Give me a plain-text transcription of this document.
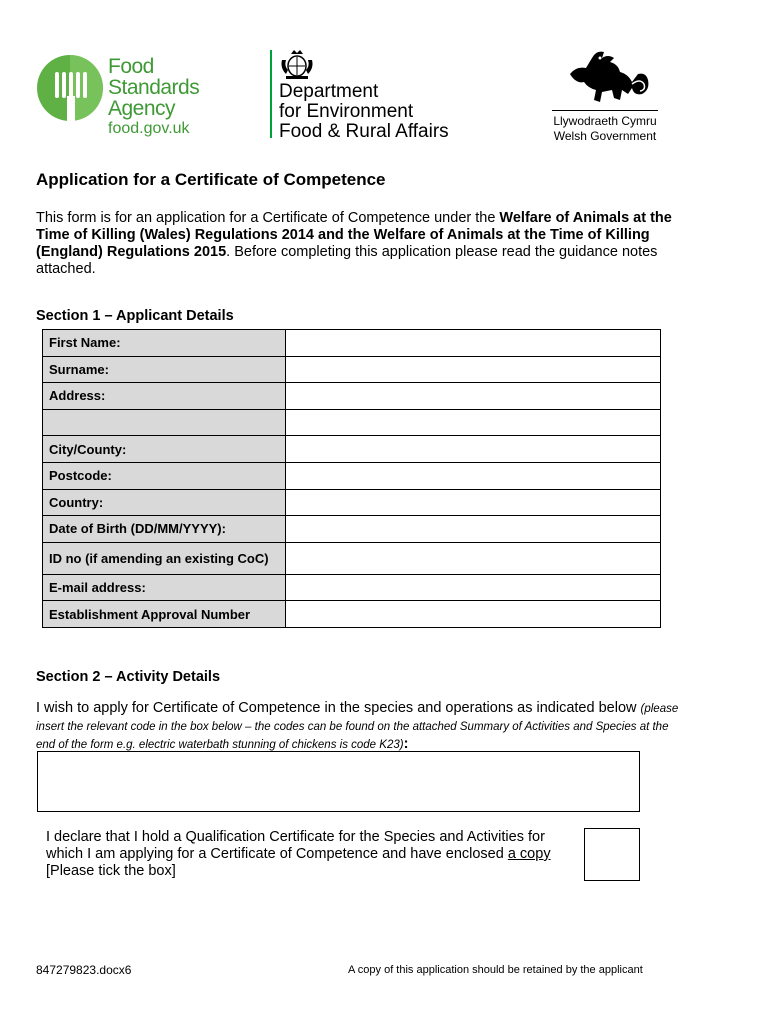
Food
Standards
Agency
food.gov.uk
Department
for Environment
Food & Rural Affairs	Llywodraeth Cymru
Welsh Government
Application for a Certificate of Competence
This form is for an application for a Certificate of Competence under the Welfare of Animals at the Time of Killing (Wales) Regulations 2014 and the Welfare of Animals at the Time of Killing (England) Regulations 2015. Before completing this application please read the guidance notes attached.
Section 1 – Applicant Details
First Name:	
Surname:	
Address:	

City/County:	
Postcode:	
Country:	
Date of Birth (DD/MM/YYYY):	
ID no (if amending an existing CoC)	
E-mail address:	
Establishment Approval Number	
Section 2 – Activity Details
I wish to apply for Certificate of Competence in the species and operations as indicated below (please insert the relevant code in the box below – the codes can be found on the attached Summary of Activities and Species at the end of the form e.g. electric waterbath stunning of chickens is code K23):
I declare that I hold a Qualification Certificate for the Species and Activities for which I am applying for a Certificate of Competence and have enclosed a copy [Please tick the box]
847279823.docx6	A copy of this application should be retained by the applicant
